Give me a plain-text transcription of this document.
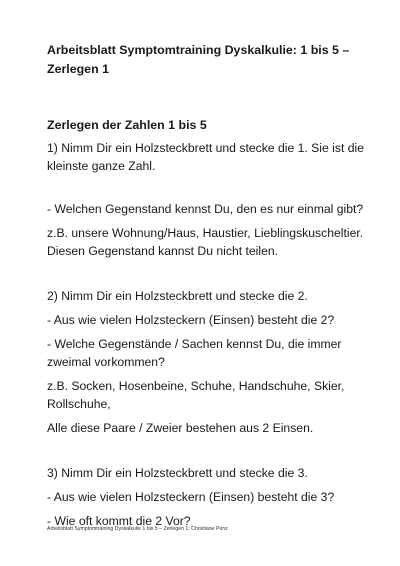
Arbeitsblatt Symptomtraining Dyskalkulie: 1 bis 5 – Zerlegen 1

Zerlegen der Zahlen 1 bis 5

1) Nimm Dir ein Holzsteckbrett und stecke die 1. Sie ist die kleinste ganze Zahl.

- Welchen Gegenstand kennst Du, den es nur einmal gibt?

z.B. unsere Wohnung/Haus, Haustier, Lieblingskuscheltier. Diesen Gegenstand kannst Du nicht teilen.

2) Nimm Dir ein Holzsteckbrett und stecke die 2.

- Aus wie vielen Holzsteckern (Einsen) besteht die 2?

- Welche Gegenstände / Sachen kennst Du, die immer zweimal vorkommen?

z.B. Socken, Hosenbeine, Schuhe, Handschuhe, Skier, Rollschuhe,

Alle diese Paare / Zweier bestehen aus 2 Einsen.

3) Nimm Dir ein Holzsteckbrett und stecke die 3.

- Aus wie vielen Holzsteckern (Einsen) besteht die 3?

- Wie oft kommt die 2 Vor?

Arbeitsblatt Symptomtraining Dyskalkulie 1 bis 5 – Zerlegen 1: Christiane Ponz
